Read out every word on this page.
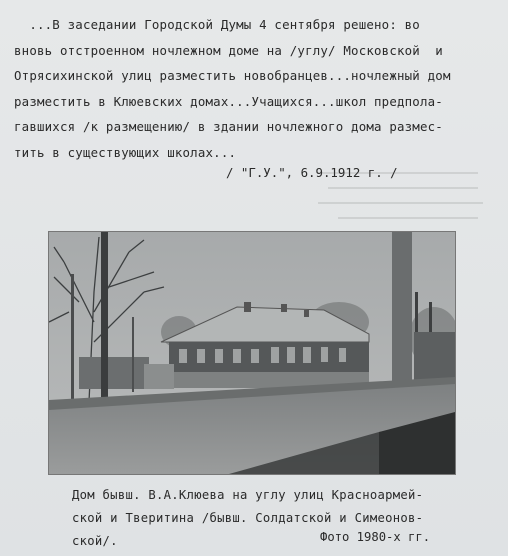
...В заседании Городской Думы 4 сентября решено: во
вновь отстроенном ночлежном доме на /углу/ Московской  и
Отрясихинской улиц разместить новобранцев...ночлежный дом
разместить в Клюевских домах...Учащихся...школ предпола-
гавшихся /к размещению/ в здании ночлежного дома размес-
тить в существующих школах...
/ "Г.У.", 6.9.1912 г. /
Дом бывш. В.А.Клюева на углу улиц Красноармей-
ской и Тверитина /бывш. Солдатской и Симеонов-
ской/.	Фото 1980-х гг.
